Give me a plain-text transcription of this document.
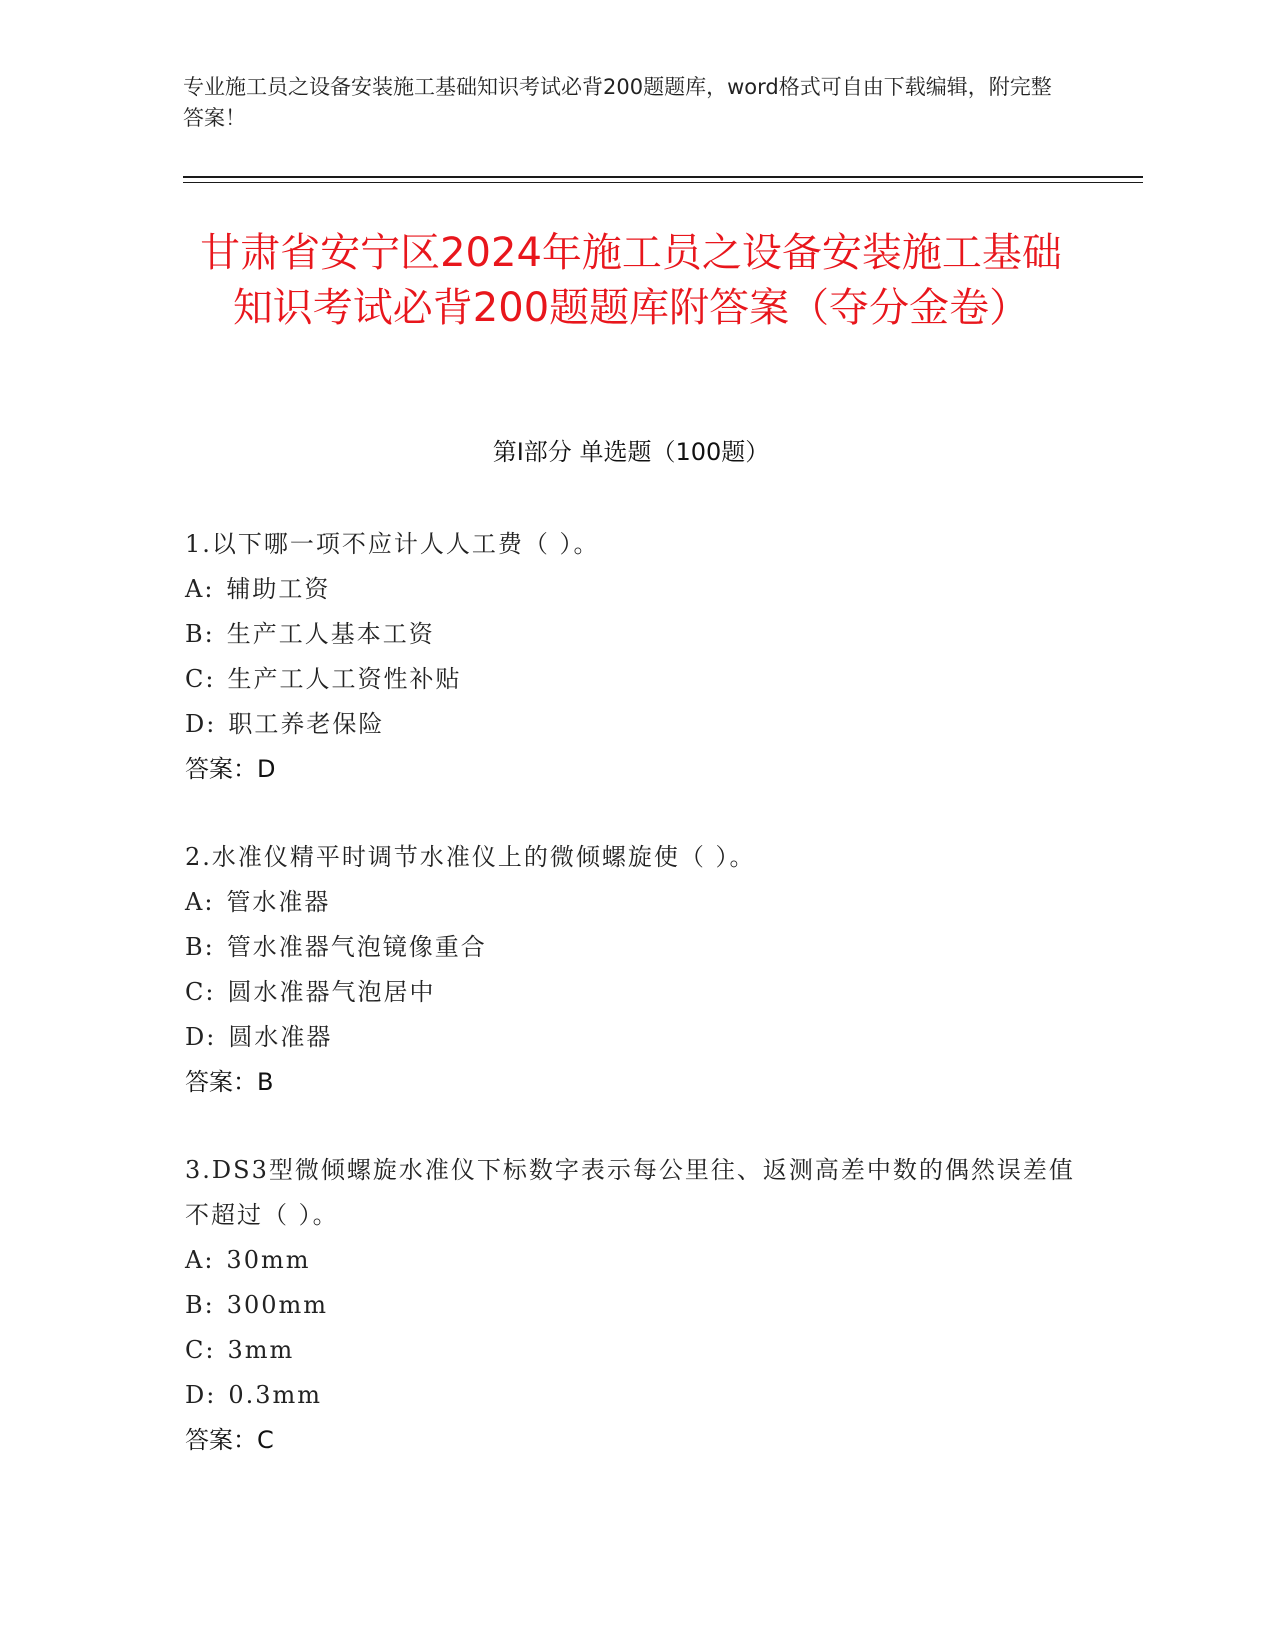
专业施工员之设备安装施工基础知识考试必背200题题库，word格式可自由下载编辑，附完整答案！
甘肃省安宁区2024年施工员之设备安装施工基础知识考试必背200题题库附答案（夺分金卷）
第Ⅰ部分 单选题（100题）

1.以下哪一项不应计人人工费（ ）。

A: 辅助工资

B: 生产工人基本工资

C: 生产工人工资性补贴

D: 职工养老保险

答案：D

2.水准仪精平时调节水准仪上的微倾螺旋使（ ）。

A: 管水准器

B: 管水准器气泡镜像重合

C: 圆水准器气泡居中

D: 圆水准器

答案：B

3.DS3型微倾螺旋水准仪下标数字表示每公里往、返测高差中数的偶然误差值不超过（ ）。

A: 30mm

B: 300mm

C: 3mm

D: 0.3mm

答案：C
